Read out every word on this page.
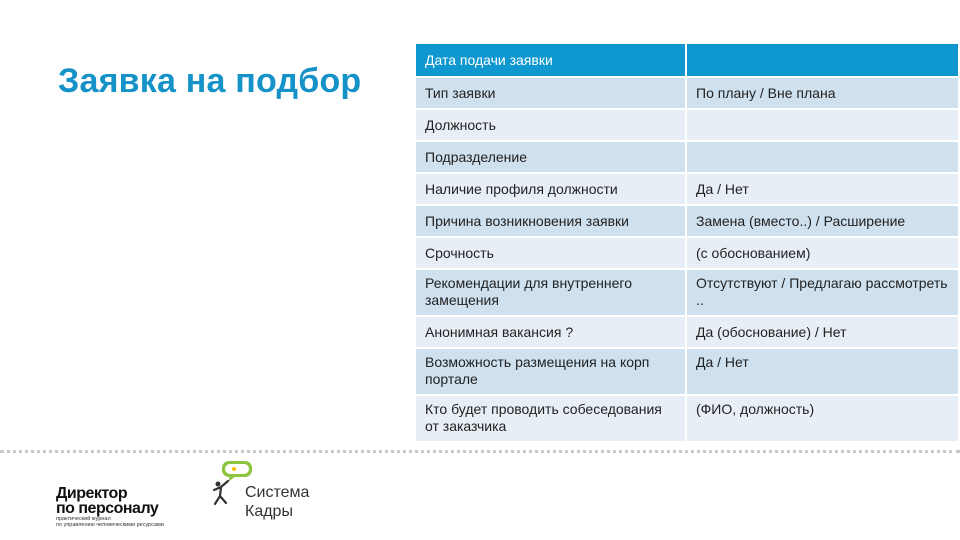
Заявка на подбор
Дата подачи заявки	
Тип заявки	По плану / Вне плана
Должность	
Подразделение	
Наличие профиля должности	Да / Нет
Причина возникновения заявки	Замена (вместо..) / Расширение
Срочность	(с обоснованием)
Рекомендации для внутреннего замещения	Отсутствуют / Предлагаю рассмотреть ..
Анонимная вакансия ?	Да (обоснование) / Нет
Возможность размещения на корп портале	Да / Нет
Кто будет проводить собеседования от заказчика	(ФИО, должность)
Директор
по персоналу
практический журнал
по управлению человеческими ресурсами
Система
Кадры
